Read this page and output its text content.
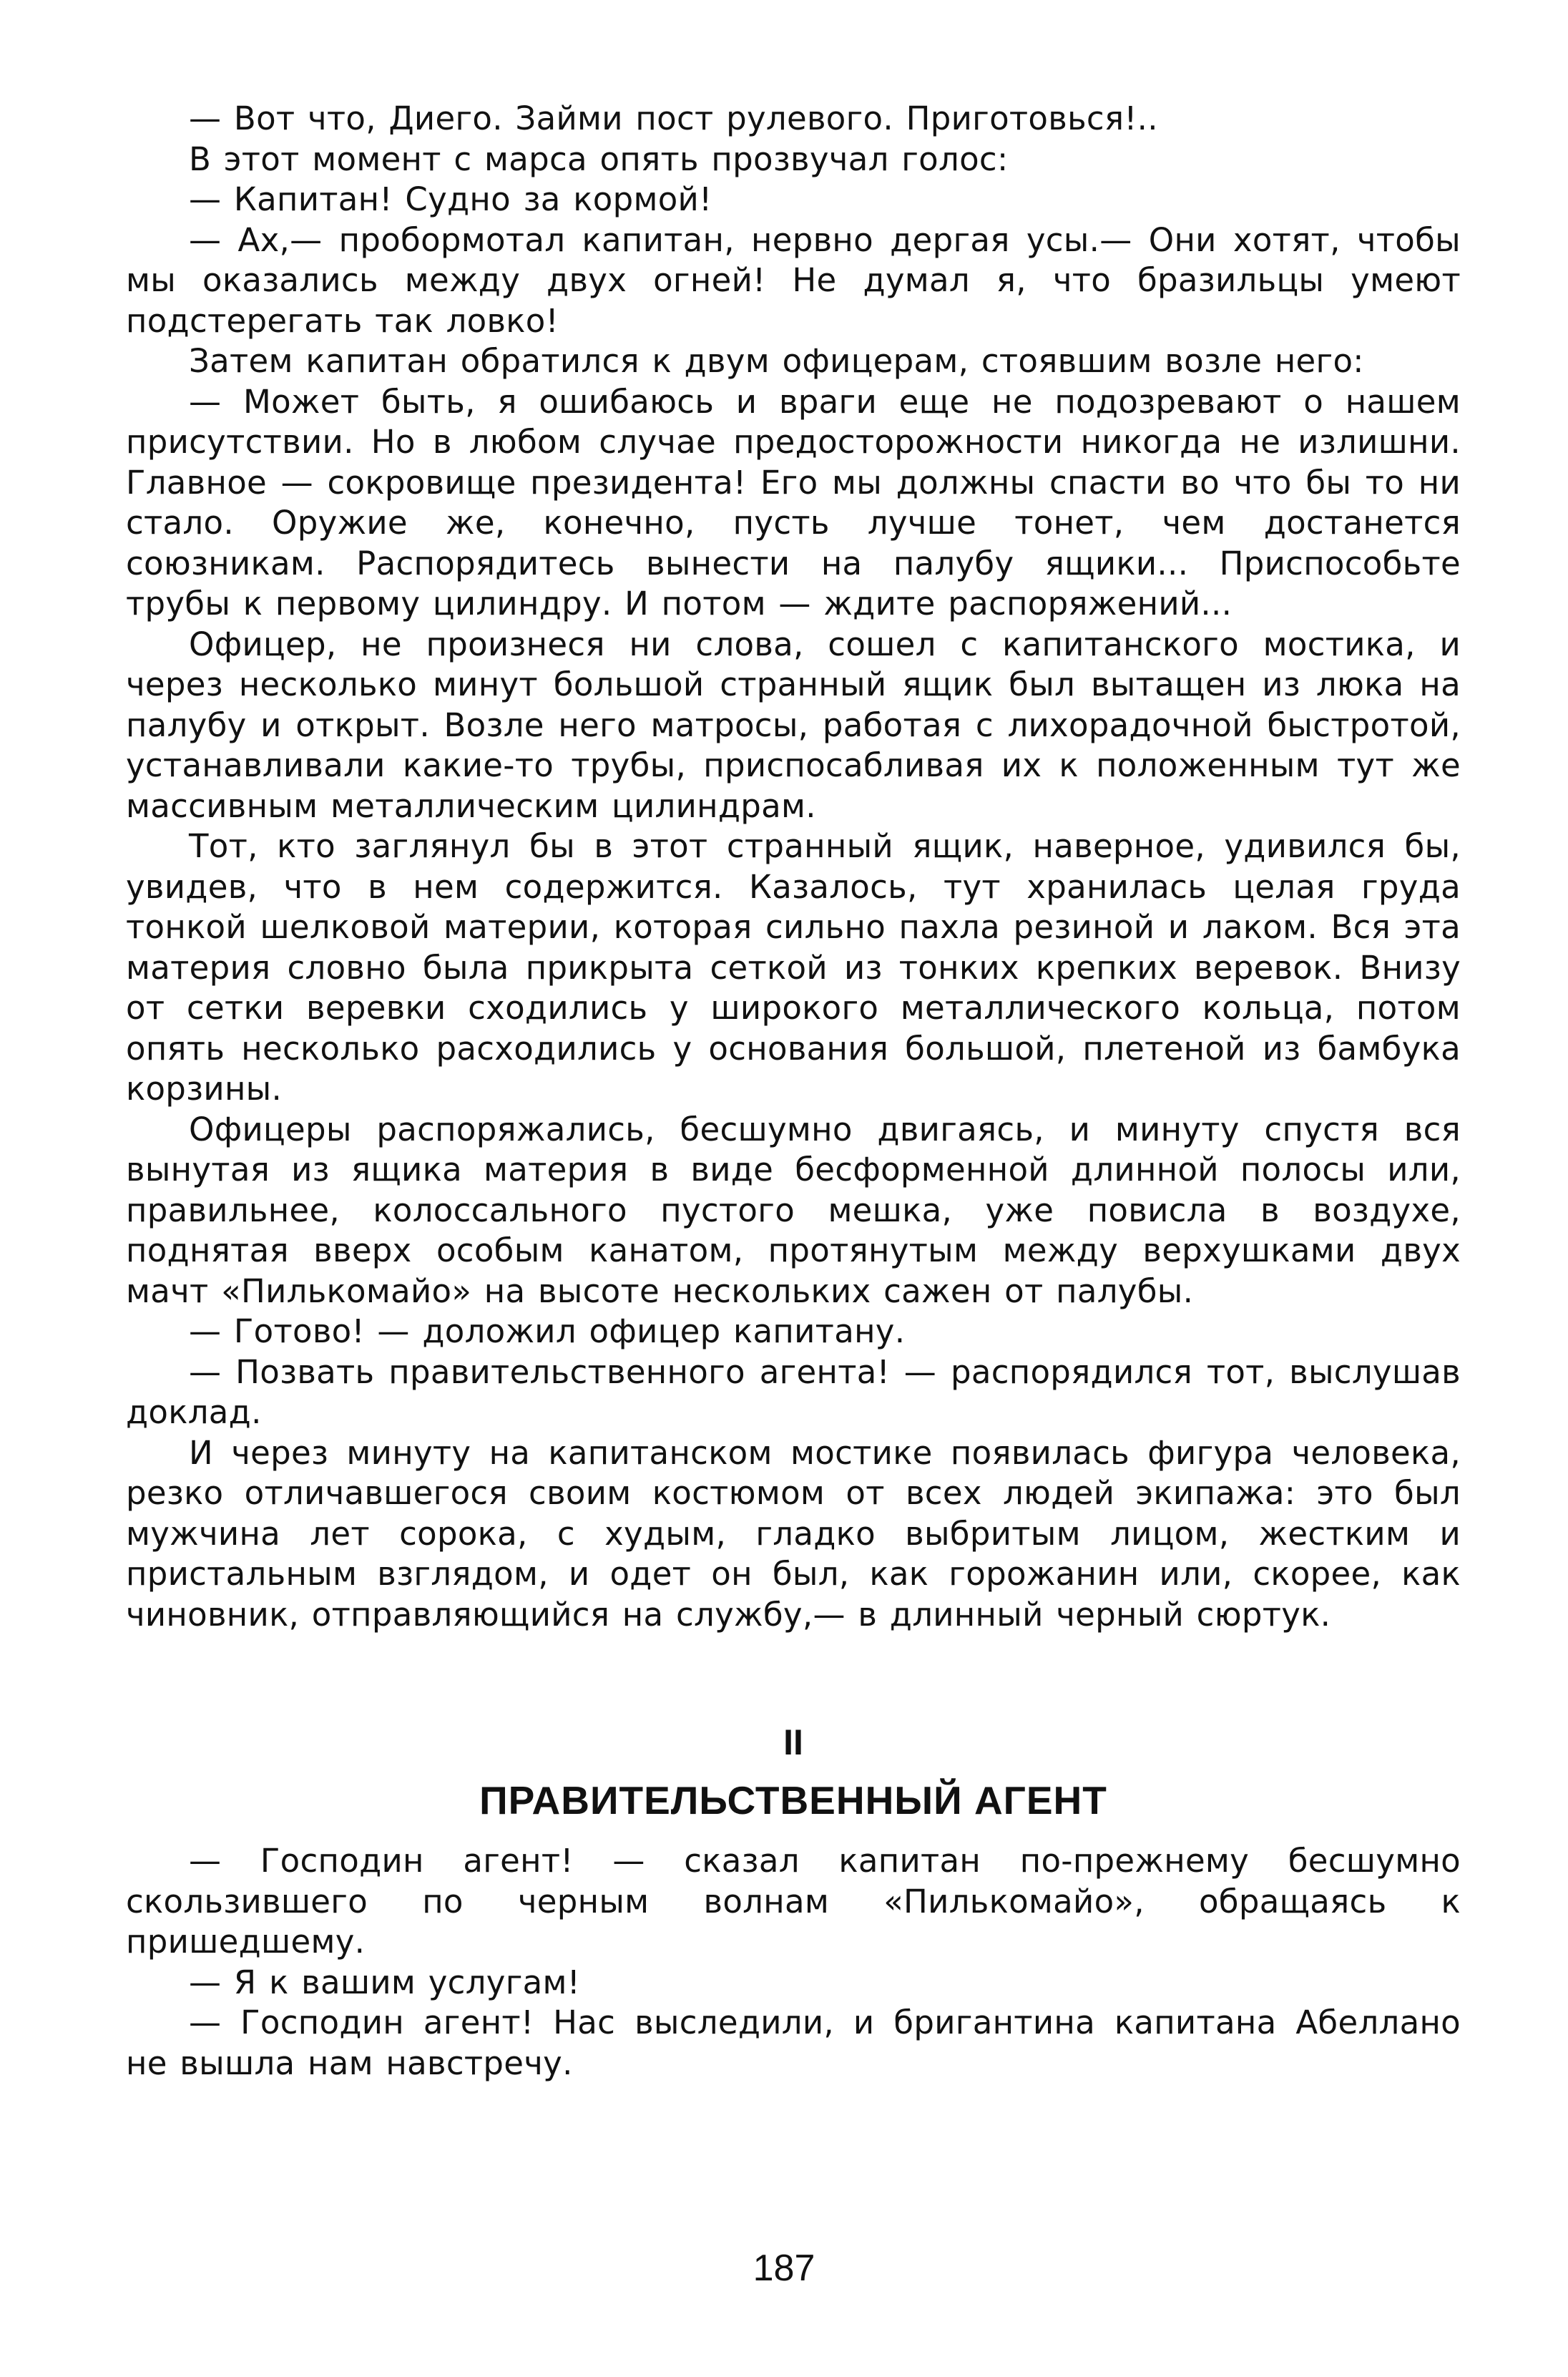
— Вот что, Диего. Займи пост рулевого. Приготовься!..

В этот момент с марса опять прозвучал голос:

— Капитан! Судно за кормой!

— Ах,— пробормотал капитан, нервно дергая усы.— Они хотят, чтобы мы оказались между двух огней! Не думал я, что бразильцы умеют подстерегать так ловко!

Затем капитан обратился к двум офицерам, стоявшим возле него:

— Может быть, я ошибаюсь и враги еще не подозревают о нашем присутствии. Но в любом случае предосторожности никогда не излишни. Главное — сокровище президента! Его мы должны спасти во что бы то ни стало. Оружие же, конечно, пусть лучше тонет, чем достанется союзникам. Распорядитесь вынести на палубу ящики... Приспособьте трубы к первому цилиндру. И потом — ждите распоряжений...

Офицер, не произнеся ни слова, сошел с капитанского мостика, и через несколько минут большой странный ящик был вытащен из люка на палубу и открыт. Возле него матросы, работая с лихорадочной быстротой, устанавливали какие-то трубы, приспосабливая их к положенным тут же массивным металлическим цилиндрам.

Тот, кто заглянул бы в этот странный ящик, наверное, удивился бы, увидев, что в нем содержится. Казалось, тут хранилась целая груда тонкой шелковой материи, которая сильно пахла резиной и лаком. Вся эта материя словно была прикрыта сеткой из тонких крепких веревок. Внизу от сетки веревки сходились у широкого металлического кольца, потом опять несколько расходились у основания большой, плетеной из бамбука корзины.

Офицеры распоряжались, бесшумно двигаясь, и минуту спустя вся вынутая из ящика материя в виде бесформенной длинной полосы или, правильнее, колоссального пустого мешка, уже повисла в воздухе, поднятая вверх особым канатом, протянутым между верхушками двух мачт «Пилькомайо» на высоте нескольких сажен от палубы.

— Готово! — доложил офицер капитану.

— Позвать правительственного агента! — распорядился тот, выслушав доклад.

И через минуту на капитанском мостике появилась фигура человека, резко отличавшегося своим костюмом от всех людей экипажа: это был мужчина лет сорока, с худым, гладко выбритым лицом, жестким и пристальным взглядом, и одет он был, как горожанин или, скорее, как чиновник, отправляющийся на службу,— в длинный черный сюртук.

II
ПРАВИТЕЛЬСТВЕННЫЙ АГЕНТ

— Господин агент! — сказал капитан по-прежнему бесшумно скользившего по черным волнам «Пилькомайо», обращаясь к пришедшему.

— Я к вашим услугам!

— Господин агент! Нас выследили, и бригантина капитана Абеллано не вышла нам навстречу.

187
